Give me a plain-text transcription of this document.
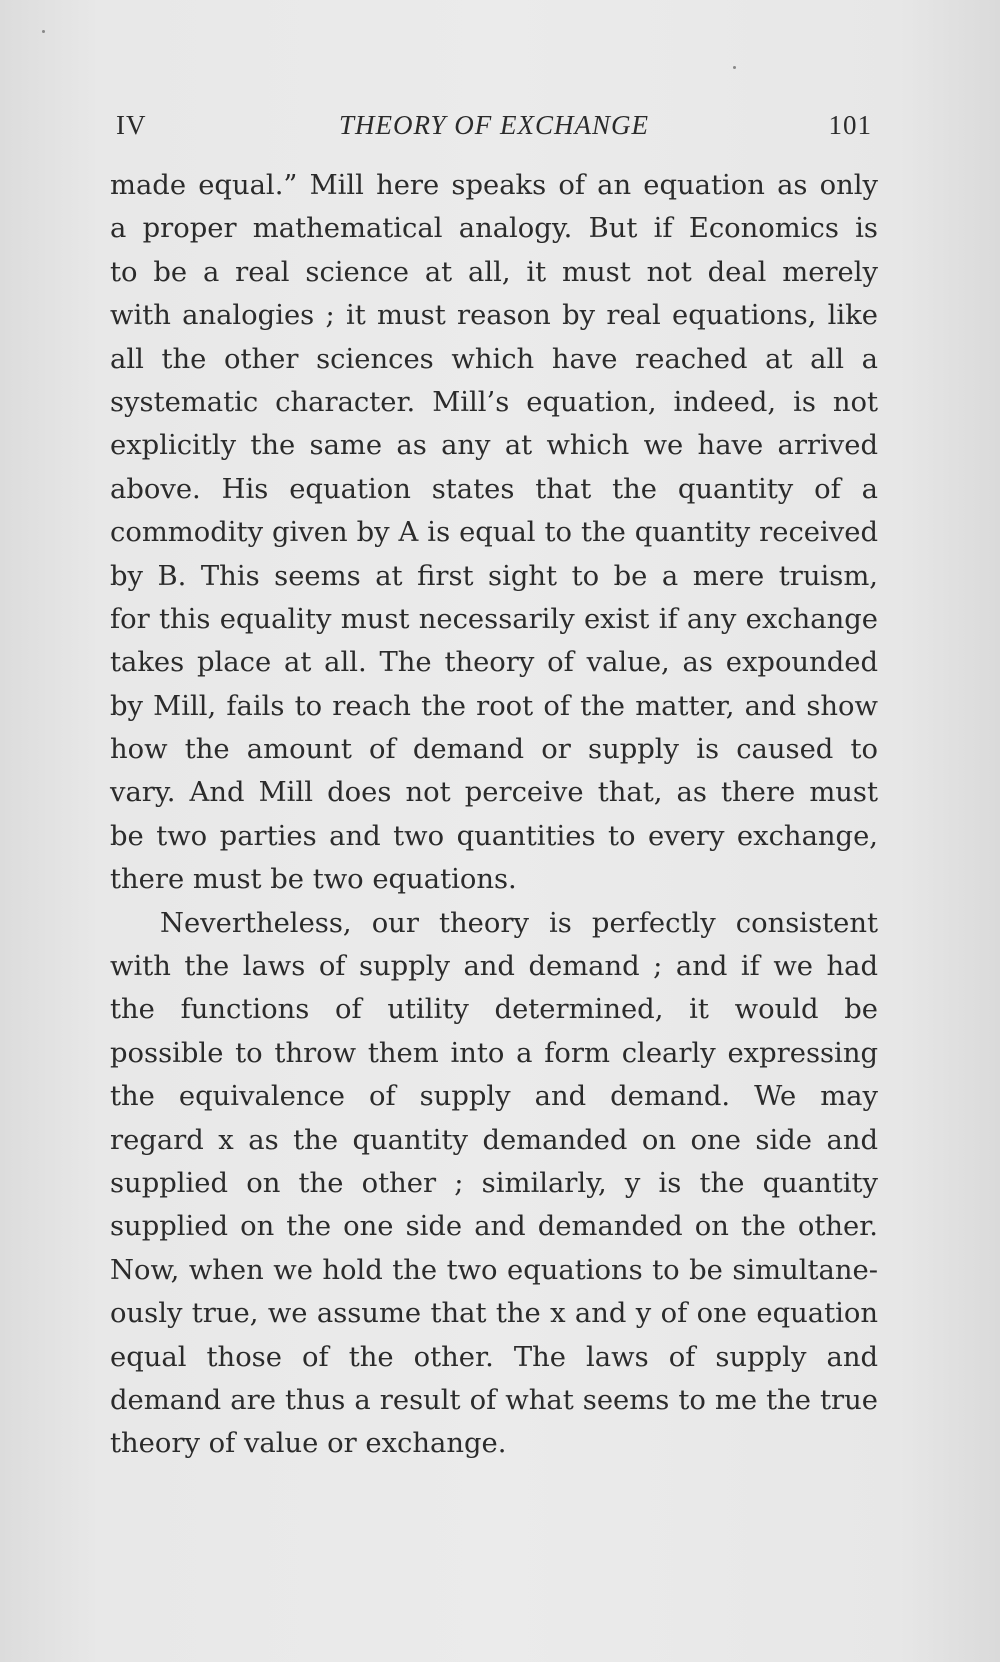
IV	THEORY OF EXCHANGE	101
made equal.” Mill here speaks of an equation as only
a proper mathematical analogy. But if Economics is
to be a real science at all, it must not deal merely
with analogies ; it must reason by real equations, like
all the other sciences which have reached at all a
systematic character. Mill’s equation, indeed, is not
explicitly the same as any at which we have arrived
above. His equation states that the quantity of a
commodity given by A is equal to the quantity received
by B. This seems at first sight to be a mere truism,
for this equality must necessarily exist if any exchange
takes place at all. The theory of value, as expounded
by Mill, fails to reach the root of the matter, and show
how the amount of demand or supply is caused to
vary. And Mill does not perceive that, as there must
be two parties and two quantities to every exchange,
there must be two equations.
Nevertheless, our theory is perfectly consistent
with the laws of supply and demand ; and if we had
the functions of utility determined, it would be
possible to throw them into a form clearly expressing
the equivalence of supply and demand. We may
regard x as the quantity demanded on one side and
supplied on the other ; similarly, y is the quantity
supplied on the one side and demanded on the other.
Now, when we hold the two equations to be simultane-
ously true, we assume that the x and y of one equation
equal those of the other. The laws of supply and
demand are thus a result of what seems to me the true
theory of value or exchange.
